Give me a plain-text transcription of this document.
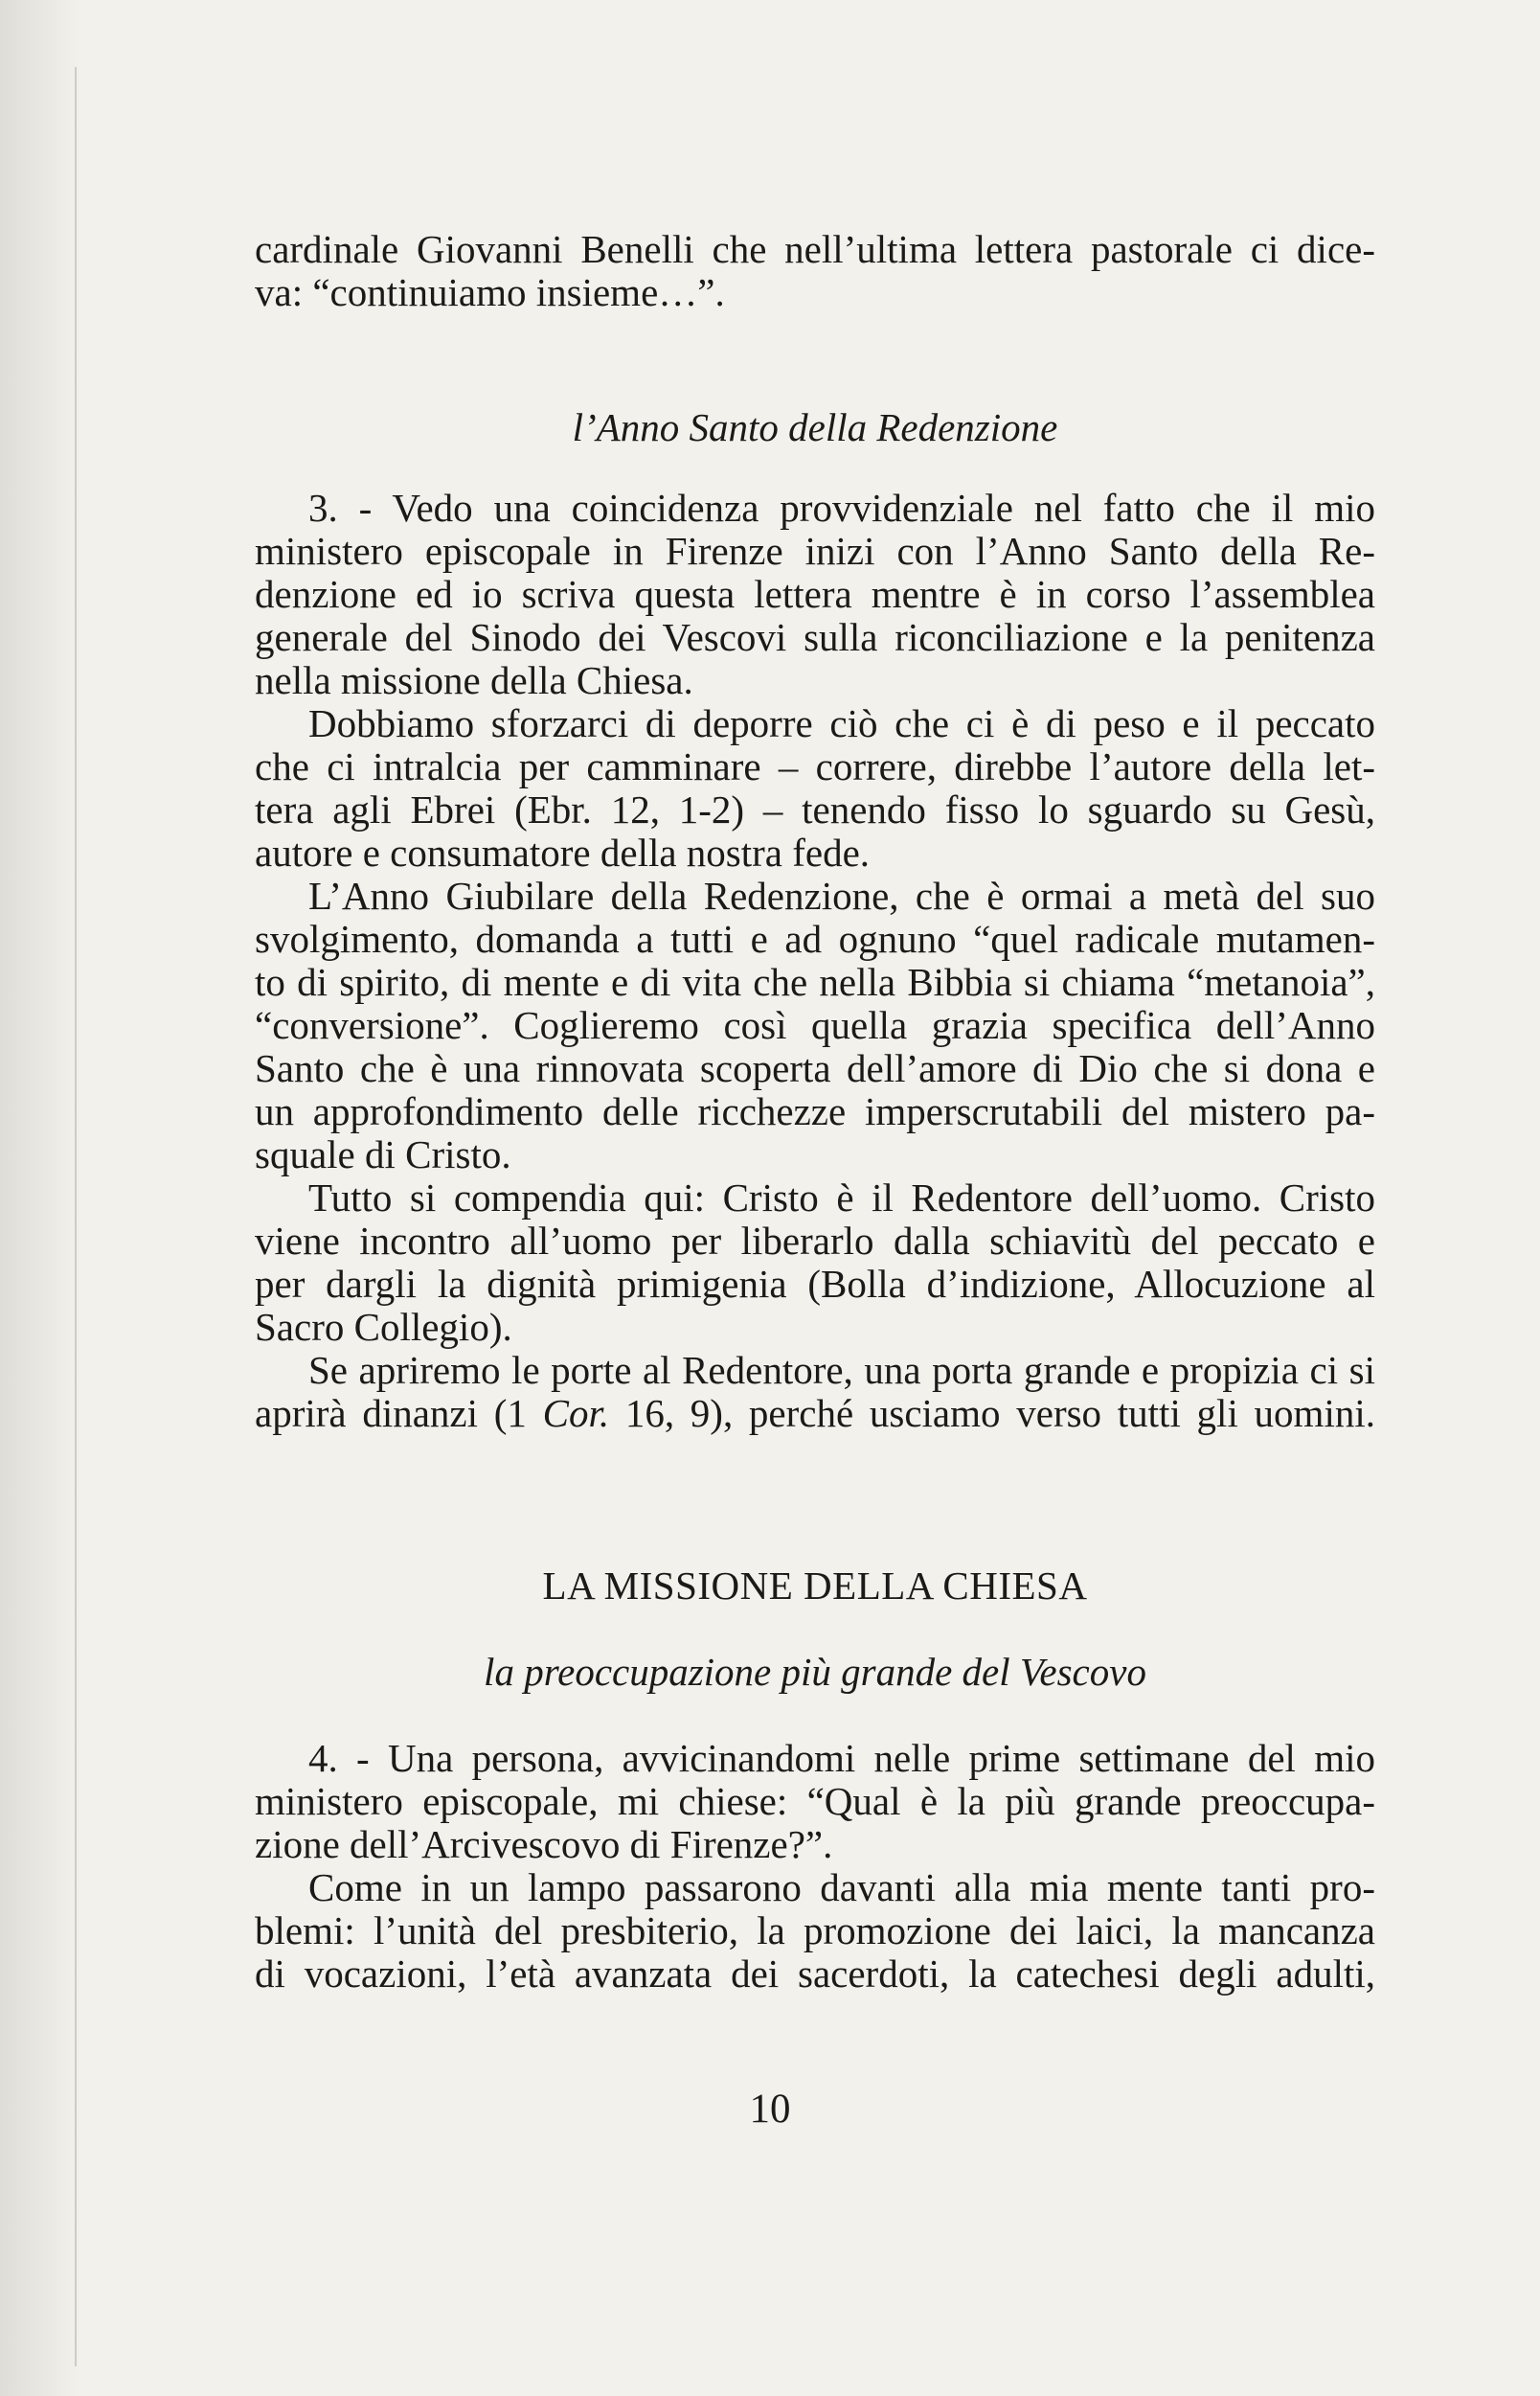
cardinale Giovanni Benelli che nell’ultima lettera pastorale ci dice-
va: “continuiamo insieme…”.
l’Anno Santo della Redenzione
3. - Vedo una coincidenza provvidenziale nel fatto che il mio
ministero episcopale in Firenze inizi con l’Anno Santo della Re-
denzione ed io scriva questa lettera mentre è in corso l’assemblea
generale del Sinodo dei Vescovi sulla riconciliazione e la penitenza
nella missione della Chiesa.
Dobbiamo sforzarci di deporre ciò che ci è di peso e il peccato
che ci intralcia per camminare – correre, direbbe l’autore della let-
tera agli Ebrei (Ebr. 12, 1-2) – tenendo fisso lo sguardo su Gesù,
autore e consumatore della nostra fede.
L’Anno Giubilare della Redenzione, che è ormai a metà del suo
svolgimento, domanda a tutti e ad ognuno “quel radicale mutamen-
to di spirito, di mente e di vita che nella Bibbia si chiama “metanoia”,
“conversione”. Coglieremo così quella grazia specifica dell’Anno
Santo che è una rinnovata scoperta dell’amore di Dio che si dona e
un approfondimento delle ricchezze imperscrutabili del mistero pa-
squale di Cristo.
Tutto si compendia qui: Cristo è il Redentore dell’uomo. Cristo
viene incontro all’uomo per liberarlo dalla schiavitù del peccato e
per dargli la dignità primigenia (Bolla d’indizione, Allocuzione al
Sacro Collegio).
Se apriremo le porte al Redentore, una porta grande e propizia ci si
aprirà dinanzi (1 Cor. 16, 9), perché usciamo verso tutti gli uomini.
LA MISSIONE DELLA CHIESA
la preoccupazione più grande del Vescovo
4. - Una persona, avvicinandomi nelle prime settimane del mio
ministero episcopale, mi chiese: “Qual è la più grande preoccupa-
zione dell’Arcivescovo di Firenze?”.
Come in un lampo passarono davanti alla mia mente tanti pro-
blemi: l’unità del presbiterio, la promozione dei laici, la mancanza
di vocazioni, l’età avanzata dei sacerdoti, la catechesi degli adulti,
10
